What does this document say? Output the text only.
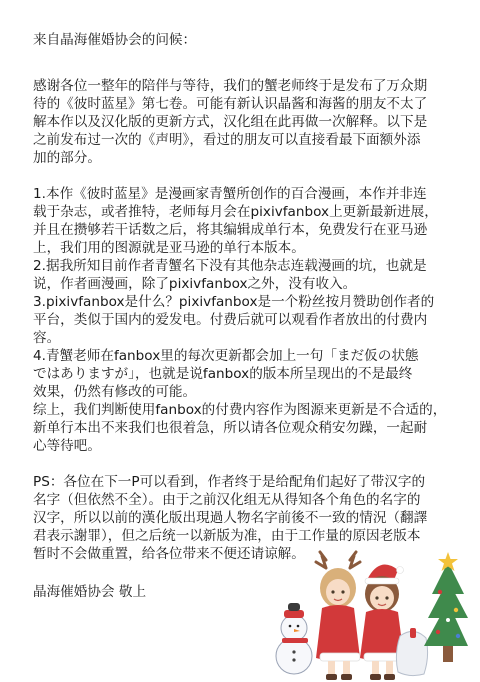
来自晶海催婚协会的问候：
感谢各位一整年的陪伴与等待，我们的蟹老师终于是发布了万众期
待的《彼时蓝星》第七卷。可能有新认识晶酱和海酱的朋友不太了
解本作以及汉化版的更新方式，汉化组在此再做一次解释。以下是
之前发布过一次的《声明》，看过的朋友可以直接看最下面额外添
加的部分。
1.本作《彼时蓝星》是漫画家青蟹所创作的百合漫画，本作并非连
载于杂志，或者推特，老师每月会在pixivfanbox上更新最新进展，
并且在攒够若干话数之后，将其编辑成单行本，免费发行在亚马逊
上，我们用的图源就是亚马逊的单行本版本。
2.据我所知目前作者青蟹名下没有其他杂志连载漫画的坑，也就是
说，作者画漫画，除了pixivfanbox之外，没有收入。
3.pixivfanbox是什么？pixivfanbox是一个粉丝按月赞助创作者的
平台，类似于国内的爱发电。付费后就可以观看作者放出的付费内
容。
4.青蟹老师在fanbox里的每次更新都会加上一句「まだ仮の状態
ではありますが」，也就是说fanbox的版本所呈现出的不是最终
效果，仍然有修改的可能。
综上，我们判断使用fanbox的付费内容作为图源来更新是不合适的，
新单行本出不来我们也很着急，所以请各位观众稍安勿躁，一起耐
心等待吧。
PS：各位在下一P可以看到，作者终于是给配角们起好了带汉字的
名字（但依然不全）。由于之前汉化组无从得知各个角色的名字的
汉字，所以以前的漢化版出現過人物名字前後不一致的情況（翻譯
君表示謝罪），但之后统一以新版为准，由于工作量的原因老版本
暂时不会做重置，给各位带来不便还请谅解。
晶海催婚协会 敬上
